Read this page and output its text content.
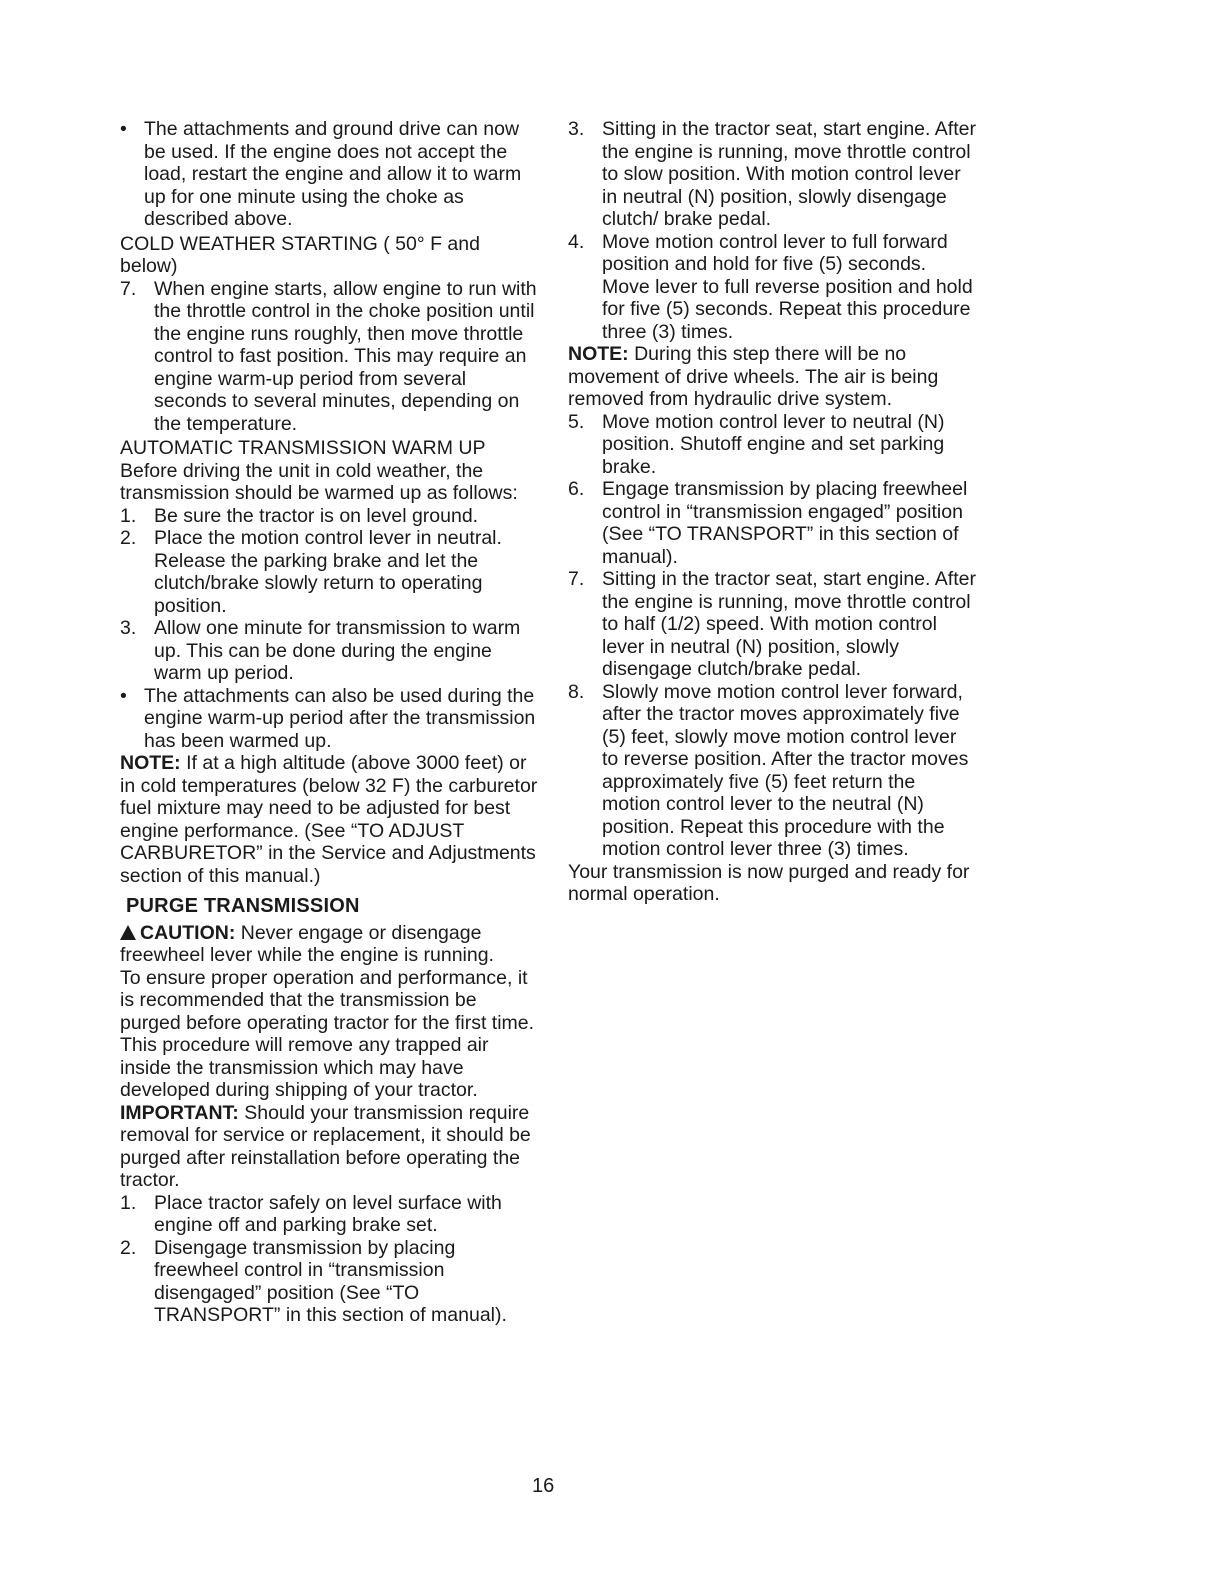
• The attachments and ground drive can now be used. If the engine does not accept the load, restart the engine and allow it to warm up for one minute using the choke as described above.
COLD WEATHER STARTING ( 50° F and below)
7. When engine starts, allow engine to run with the throttle control in the choke position until the engine runs roughly, then move throttle control to fast position. This may require an engine warm-up period from several seconds to several minutes, depending on the temperature.
AUTOMATIC TRANSMISSION WARM UP
Before driving the unit in cold weather, the transmission should be warmed up as follows:
1. Be sure the tractor is on level ground.
2. Place the motion control lever in neutral. Release the parking brake and let the clutch/brake slowly return to operating position.
3. Allow one minute for transmission to warm up. This can be done during the engine warm up period.
• The attachments can also be used during the engine warm-up period after the transmission has been warmed up.
NOTE: If at a high altitude (above 3000 feet) or in cold temperatures (below 32 F) the carburetor fuel mixture may need to be adjusted for best engine performance. (See “TO ADJUST CARBURETOR” in the Service and Adjustments section of this manual.)
PURGE TRANSMISSION
CAUTION: Never engage or disengage freewheel lever while the engine is running.
To ensure proper operation and performance, it is recommended that the transmission be purged before operating tractor for the first time. This procedure will remove any trapped air inside the transmission which may have developed during shipping of your tractor.
IMPORTANT: Should your transmission require removal for service or replacement, it should be purged after reinstallation before operating the tractor.
1. Place tractor safely on level surface with engine off and parking brake set.
2. Disengage transmission by placing freewheel control in “transmission disengaged” position (See “TO TRANSPORT” in this section of manual).
3. Sitting in the tractor seat, start engine. After the engine is running, move throttle control to slow position. With motion control lever in neutral (N) position, slowly disengage clutch/ brake pedal.
4. Move motion control lever to full forward position and hold for five (5) seconds. Move lever to full reverse position and hold for five (5) seconds. Repeat this procedure three (3) times.
NOTE: During this step there will be no movement of drive wheels. The air is being removed from hydraulic drive system.
5. Move motion control lever to neutral (N) position. Shutoff engine and set parking brake.
6. Engage transmission by placing freewheel control in “transmission engaged” position (See “TO TRANSPORT” in this section of manual).
7. Sitting in the tractor seat, start engine. After the engine is running, move throttle control to half (1/2) speed. With motion control lever in neutral (N) position, slowly disengage clutch/brake pedal.
8. Slowly move motion control lever forward, after the tractor moves approximately five (5) feet, slowly move motion control lever to reverse position. After the tractor moves approximately five (5) feet return the motion control lever to the neutral (N) position. Repeat this procedure with the motion control lever three (3) times.
Your transmission is now purged and ready for normal operation.
16
